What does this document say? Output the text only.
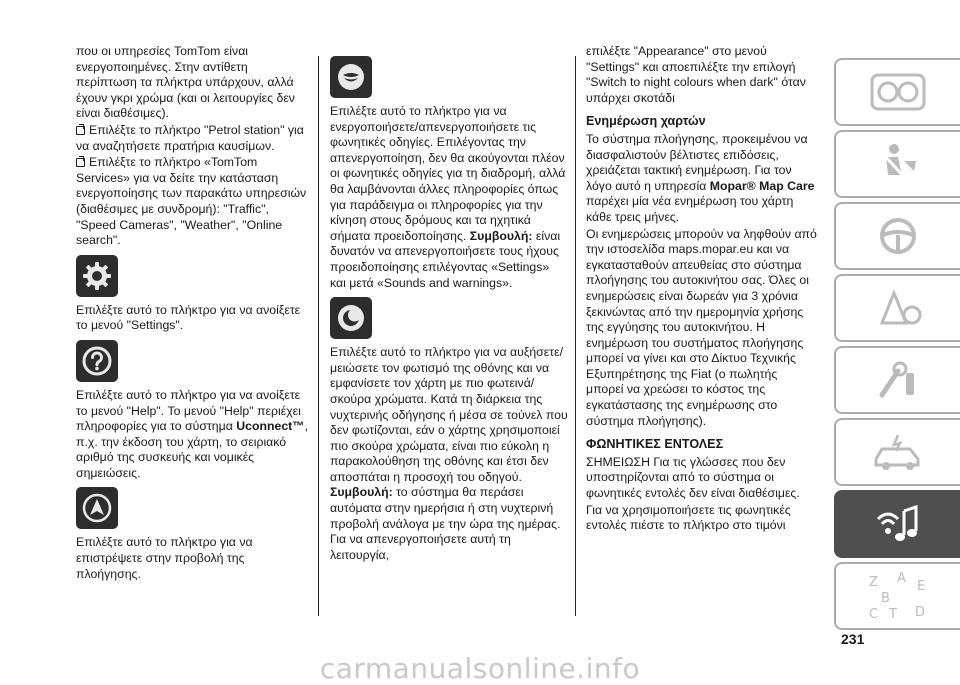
που οι υπηρεσίες TomTom είναι ενεργοποιημένες. Στην αντίθετη περίπτωση τα πλήκτρα υπάρχουν, αλλά έχουν γκρι χρώμα (και οι λειτουργίες δεν είναι διαθέσιμες).

Επιλέξτε το πλήκτρο "Petrol station" για να αναζητήσετε πρατήρια καυσίμων.

Επιλέξτε το πλήκτρο «TomTom Services» για να δείτε την κατάσταση ενεργοποίησης των παρακάτω υπηρεσιών (διαθέσιμες με συνδρομή): "Traffic", "Speed Cameras", "Weather", "Online search".

Επιλέξτε αυτό το πλήκτρο για να ανοίξετε το μενού "Settings".

Επιλέξτε αυτό το πλήκτρο για να ανοίξετε το μενού "Help". Το μενού "Help" περιέχει πληροφορίες για το σύστημα Uconnect™, π.χ. την έκδοση του χάρτη, το σειριακό αριθμό της συσκευής και νομικές σημειώσεις.

Επιλέξτε αυτό το πλήκτρο για να επιστρέψετε στην προβολή της πλοήγησης.

Επιλέξτε αυτό το πλήκτρο για να ενεργοποιήσετε/απενεργοποιήσετε τις φωνητικές οδηγίες. Επιλέγοντας την απενεργοποίηση, δεν θα ακούγονται πλέον οι φωνητικές οδηγίες για τη διαδρομή, αλλά θα λαμβάνονται άλλες πληροφορίες όπως για παράδειγμα οι πληροφορίες για την κίνηση στους δρόμους και τα ηχητικά σήματα προειδοποίησης. Συμβουλή: είναι δυνατόν να απενεργοποιήσετε τους ήχους προειδοποίησης επιλέγοντας «Settings» και μετά «Sounds and warnings».

Επιλέξτε αυτό το πλήκτρο για να αυξήσετε/μειώσετε τον φωτισμό της οθόνης και να εμφανίσετε τον χάρτη με πιο φωτεινά/σκούρα χρώματα. Κατά τη διάρκεια της νυχτερινής οδήγησης ή μέσα σε τούνελ που δεν φωτίζονται, εάν ο χάρτης χρησιμοποιεί πιο σκούρα χρώματα, είναι πιο εύκολη η παρακολούθηση της οθόνης και έτσι δεν αποσπάται η προσοχή του οδηγού. Συμβουλή: το σύστημα θα περάσει αυτόματα στην ημερήσια ή στη νυχτερινή προβολή ανάλογα με την ώρα της ημέρας. Για να απενεργοποιήσετε αυτή τη λειτουργία,

επιλέξτε "Appearance" στο μενού "Settings" και αποεπιλέξτε την επιλογή "Switch to night colours when dark" όταν υπάρχει σκοτάδι

Ενημέρωση χαρτών

Το σύστημα πλοήγησης, προκειμένου να διασφαλιστούν βέλτιστες επιδόσεις, χρειάζεται τακτική ενημέρωση. Για τον λόγο αυτό η υπηρεσία Mopar® Map Care παρέχει μία νέα ενημέρωση του χάρτη κάθε τρεις μήνες.

Οι ενημερώσεις μπορούν να ληφθούν από την ιστοσελίδα maps.mopar.eu και να εγκατασταθούν απευθείας στο σύστημα πλοήγησης του αυτοκινήτου σας. Όλες οι ενημερώσεις είναι δωρεάν για 3 χρόνια ξεκινώντας από την ημερομηνία χρήσης της εγγύησης του αυτοκινήτου. Η ενημέρωση του συστήματος πλοήγησης μπορεί να γίνει και στο Δίκτυο Τεχνικής Εξυπηρέτησης της Fiat (ο πωλητής μπορεί να χρεώσει το κόστος της εγκατάστασης της ενημέρωσης στο σύστημα πλοήγησης).

ΦΩΝΗΤΙΚΕΣ ΕΝΤΟΛΕΣ

ΣΗΜΕΙΩΣΗ Για τις γλώσσες που δεν υποστηρίζονται από το σύστημα οι φωνητικές εντολές δεν είναι διαθέσιμες.

Για να χρησιμοποιήσετε τις φωνητικές εντολές πιέστε το πλήκτρο στο τιμόνι

Z A
E
B
C T D
231
carmanualsonline.info
